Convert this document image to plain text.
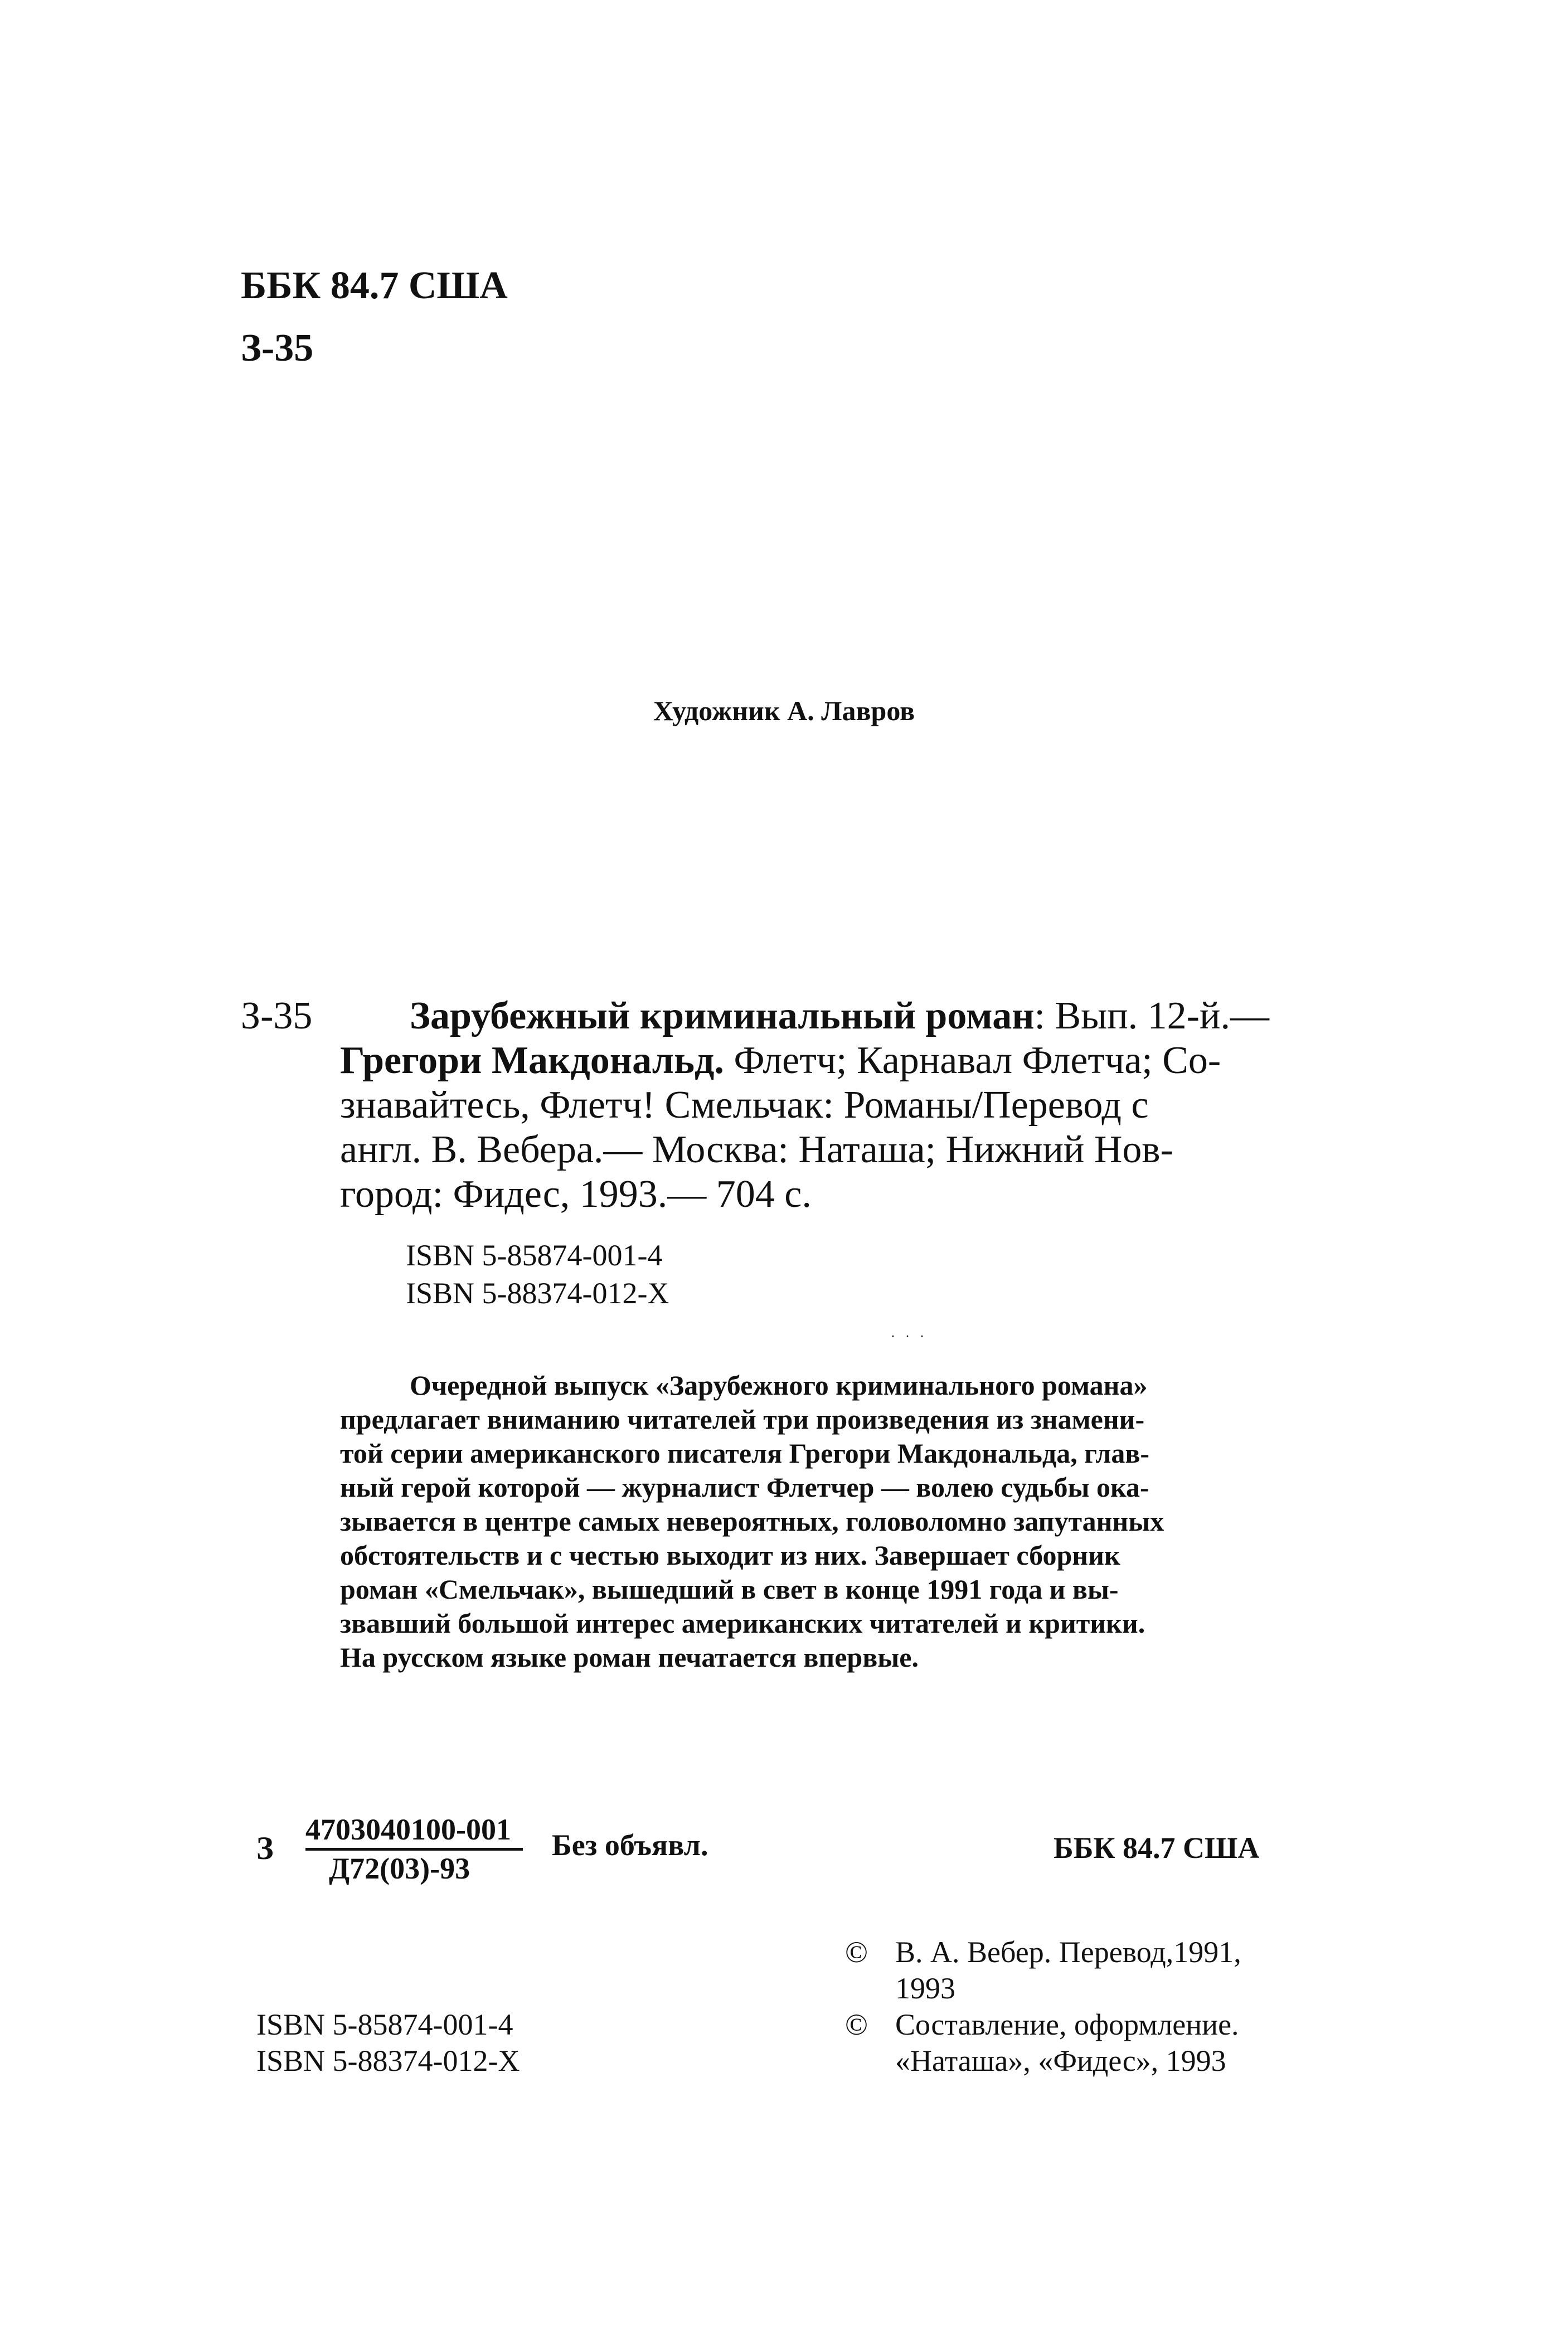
ББК 84.7 США
З-35
Художник А. Лавров
З-35 Зарубежный криминальный роман: Вып. 12-й.—
Грегори Макдональд. Флетч; Карнавал Флетча; Со-
знавайтесь, Флетч! Смельчак: Романы/Перевод с
англ. В. Вебера.— Москва: Наташа; Нижний Нов-
город: Фидес, 1993.— 704 с.
ISBN 5-85874-001-4
ISBN 5-88374-012-X
· · ·
Очередной выпуск «Зарубежного криминального романа»
предлагает вниманию читателей три произведения из знамени-
той серии американского писателя Грегори Макдональда, глав-
ный герой которой — журналист Флетчер — волею судьбы ока-
зывается в центре самых невероятных, головоломно запутанных
обстоятельств и с честью выходит из них. Завершает сборник
роман «Смельчак», вышедший в свет в конце 1991 года и вы-
звавший большой интерес американских читателей и критики.
На русском языке роман печатается впервые.
З
4703040100-001
Д72(03)-93
Без объявл.	ББК 84.7 США
© В. А. Вебер. Перевод,1991,
1993
© Составление, оформление.
«Наташа», «Фидес», 1993
ISBN 5-85874-001-4
ISBN 5-88374-012-X
